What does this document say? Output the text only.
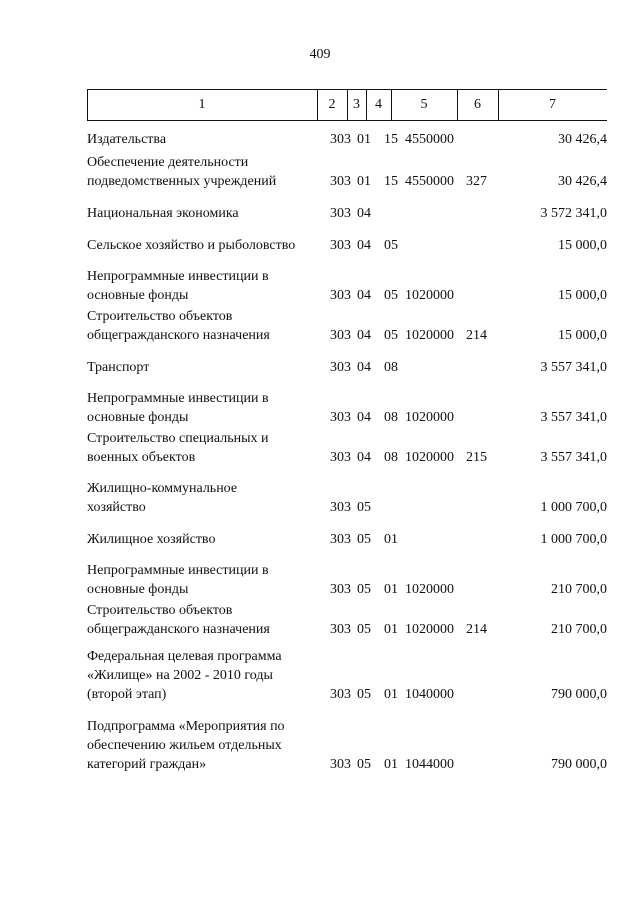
409
1	2	3	4	5	6	7
Издательства	303 01 15 4550000	30 426,4
Обеспечение деятельности
подведомственных учреждений	303 01 15 4550000 327	30 426,4
Национальная экономика	303 04	3 572 341,0
Сельское хозяйство и рыболовство	303 04 05	15 000,0
Непрограммные инвестиции в
основные фонды	303 04 05 1020000	15 000,0
Строительство объектов
общегражданского назначения	303 04 05 1020000 214	15 000,0
Транспорт	303 04 08	3 557 341,0
Непрограммные инвестиции в
основные фонды	303 04 08 1020000	3 557 341,0
Строительство специальных и
военных объектов	303 04 08 1020000 215	3 557 341,0
Жилищно-коммунальное
хозяйство	303 05	1 000 700,0
Жилищное хозяйство	303 05 01	1 000 700,0
Непрограммные инвестиции в
основные фонды	303 05 01 1020000	210 700,0
Строительство объектов
общегражданского назначения	303 05 01 1020000 214	210 700,0
Федеральная целевая программа
«Жилище» на 2002 - 2010 годы
(второй этап)	303 05 01 1040000	790 000,0
Подпрограмма «Мероприятия по
обеспечению жильем отдельных
категорий граждан»	303 05 01 1044000	790 000,0
